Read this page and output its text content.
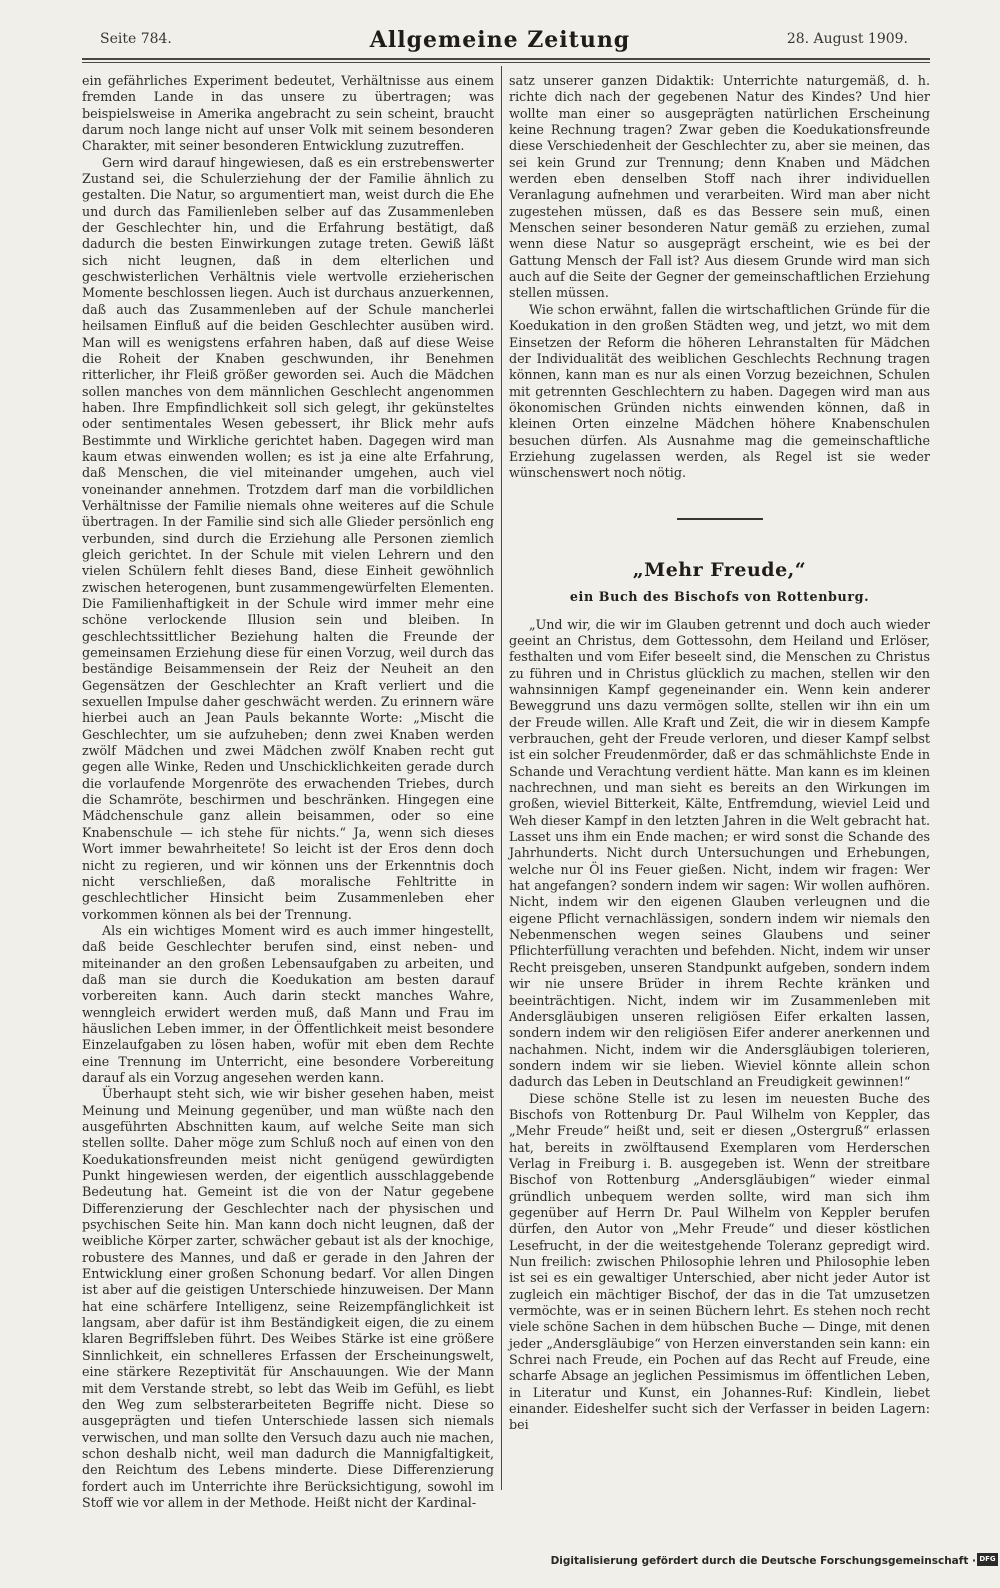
Seite 784.	Allgemeine Zeitung	28. August 1909.

ein gefährliches Experiment bedeutet, Verhältnisse aus einem fremden Lande in das unsere zu übertragen; was beispielsweise in Amerika angebracht zu sein scheint, braucht darum noch lange nicht auf unser Volk mit seinem besonderen Charakter, mit seiner besonderen Entwicklung zuzutreffen.

Gern wird darauf hingewiesen, daß es ein erstrebenswerter Zustand sei, die Schulerziehung der der Familie ähnlich zu gestalten. Die Natur, so argumentiert man, weist durch die Ehe und durch das Familienleben selber auf das Zusammenleben der Geschlechter hin, und die Erfahrung bestätigt, daß dadurch die besten Einwirkungen zutage treten. Gewiß läßt sich nicht leugnen, daß in dem elterlichen und geschwisterlichen Verhältnis viele wertvolle erzieherischen Momente beschlossen liegen. Auch ist durchaus anzuerkennen, daß auch das Zusammenleben auf der Schule mancherlei heilsamen Einfluß auf die beiden Geschlechter ausüben wird. Man will es wenigstens erfahren haben, daß auf diese Weise die Roheit der Knaben geschwunden, ihr Benehmen ritterlicher, ihr Fleiß größer geworden sei. Auch die Mädchen sollen manches von dem männlichen Geschlecht angenommen haben. Ihre Empfindlichkeit soll sich gelegt, ihr gekünsteltes oder sentimentales Wesen gebessert, ihr Blick mehr aufs Bestimmte und Wirkliche gerichtet haben. Dagegen wird man kaum etwas einwenden wollen; es ist ja eine alte Erfahrung, daß Menschen, die viel miteinander umgehen, auch viel voneinander annehmen. Trotzdem darf man die vorbildlichen Verhältnisse der Familie niemals ohne weiteres auf die Schule übertragen. In der Familie sind sich alle Glieder persönlich eng verbunden, sind durch die Erziehung alle Personen ziemlich gleich gerichtet. In der Schule mit vielen Lehrern und den vielen Schülern fehlt dieses Band, diese Einheit gewöhnlich zwischen heterogenen, bunt zusammengewürfelten Elementen. Die Familienhaftigkeit in der Schule wird immer mehr eine schöne verlockende Illusion sein und bleiben. In geschlechtssittlicher Beziehung halten die Freunde der gemeinsamen Erziehung diese für einen Vorzug, weil durch das beständige Beisammensein der Reiz der Neuheit an den Gegensätzen der Geschlechter an Kraft verliert und die sexuellen Impulse daher geschwächt werden. Zu erinnern wäre hierbei auch an Jean Pauls bekannte Worte: „Mischt die Geschlechter, um sie aufzuheben; denn zwei Knaben werden zwölf Mädchen und zwei Mädchen zwölf Knaben recht gut gegen alle Winke, Reden und Unschicklichkeiten gerade durch die vorlaufende Morgenröte des erwachenden Triebes, durch die Schamröte, beschirmen und beschränken. Hingegen eine Mädchenschule ganz allein beisammen, oder so eine Knabenschule — ich stehe für nichts.“ Ja, wenn sich dieses Wort immer bewahrheitete! So leicht ist der Eros denn doch nicht zu regieren, und wir können uns der Erkenntnis doch nicht verschließen, daß moralische Fehltritte in geschlechtlicher Hinsicht beim Zusammenleben eher vorkommen können als bei der Trennung.

Als ein wichtiges Moment wird es auch immer hingestellt, daß beide Geschlechter berufen sind, einst neben- und miteinander an den großen Lebensaufgaben zu arbeiten, und daß man sie durch die Koedukation am besten darauf vorbereiten kann. Auch darin steckt manches Wahre, wenngleich erwidert werden muß, daß Mann und Frau im häuslichen Leben immer, in der Öffentlichkeit meist besondere Einzelaufgaben zu lösen haben, wofür mit eben dem Rechte eine Trennung im Unterricht, eine besondere Vorbereitung darauf als ein Vorzug angesehen werden kann.

Überhaupt steht sich, wie wir bisher gesehen haben, meist Meinung und Meinung gegenüber, und man wüßte nach den ausgeführten Abschnitten kaum, auf welche Seite man sich stellen sollte. Daher möge zum Schluß noch auf einen von den Koedukationsfreunden meist nicht genügend gewürdigten Punkt hingewiesen werden, der eigentlich ausschlaggebende Bedeutung hat. Gemeint ist die von der Natur gegebene Differenzierung der Geschlechter nach der physischen und psychischen Seite hin. Man kann doch nicht leugnen, daß der weibliche Körper zarter, schwächer gebaut ist als der knochige, robustere des Mannes, und daß er gerade in den Jahren der Entwicklung einer großen Schonung bedarf. Vor allen Dingen ist aber auf die geistigen Unterschiede hinzuweisen. Der Mann hat eine schärfere Intelligenz, seine Reizempfänglichkeit ist langsam, aber dafür ist ihm Beständigkeit eigen, die zu einem klaren Begriffsleben führt. Des Weibes Stärke ist eine größere Sinnlichkeit, ein schnelleres Erfassen der Erscheinungswelt, eine stärkere Rezeptivität für Anschauungen. Wie der Mann mit dem Verstande strebt, so lebt das Weib im Gefühl, es liebt den Weg zum selbsterarbeiteten Begriffe nicht. Diese so ausgeprägten und tiefen Unterschiede lassen sich niemals verwischen, und man sollte den Versuch dazu auch nie machen, schon deshalb nicht, weil man dadurch die Mannigfaltigkeit, den Reichtum des Lebens minderte. Diese Differenzierung fordert auch im Unterrichte ihre Berücksichtigung, sowohl im Stoff wie vor allem in der Methode. Heißt nicht der Kardinal-

satz unserer ganzen Didaktik: Unterrichte naturgemäß, d. h. richte dich nach der gegebenen Natur des Kindes? Und hier wollte man einer so ausgeprägten natürlichen Erscheinung keine Rechnung tragen? Zwar geben die Koedukationsfreunde diese Verschiedenheit der Geschlechter zu, aber sie meinen, das sei kein Grund zur Trennung; denn Knaben und Mädchen werden eben denselben Stoff nach ihrer individuellen Veranlagung aufnehmen und verarbeiten. Wird man aber nicht zugestehen müssen, daß es das Bessere sein muß, einen Menschen seiner besonderen Natur gemäß zu erziehen, zumal wenn diese Natur so ausgeprägt erscheint, wie es bei der Gattung Mensch der Fall ist? Aus diesem Grunde wird man sich auch auf die Seite der Gegner der gemeinschaftlichen Erziehung stellen müssen.

Wie schon erwähnt, fallen die wirtschaftlichen Gründe für die Koedukation in den großen Städten weg, und jetzt, wo mit dem Einsetzen der Reform die höheren Lehranstalten für Mädchen der Individualität des weiblichen Geschlechts Rechnung tragen können, kann man es nur als einen Vorzug bezeichnen, Schulen mit getrennten Geschlechtern zu haben. Dagegen wird man aus ökonomischen Gründen nichts einwenden können, daß in kleinen Orten einzelne Mädchen höhere Knabenschulen besuchen dürfen. Als Ausnahme mag die gemeinschaftliche Erziehung zugelassen werden, als Regel ist sie weder wünschenswert noch nötig.

„Mehr Freude,“
ein Buch des Bischofs von Rottenburg.

„Und wir, die wir im Glauben getrennt und doch auch wieder geeint an Christus, dem Gottessohn, dem Heiland und Erlöser, festhalten und vom Eifer beseelt sind, die Menschen zu Christus zu führen und in Christus glücklich zu machen, stellen wir den wahnsinnigen Kampf gegeneinander ein. Wenn kein anderer Beweggrund uns dazu vermögen sollte, stellen wir ihn ein um der Freude willen. Alle Kraft und Zeit, die wir in diesem Kampfe verbrauchen, geht der Freude verloren, und dieser Kampf selbst ist ein solcher Freudenmörder, daß er das schmählichste Ende in Schande und Verachtung verdient hätte. Man kann es im kleinen nachrechnen, und man sieht es bereits an den Wirkungen im großen, wieviel Bitterkeit, Kälte, Entfremdung, wieviel Leid und Weh dieser Kampf in den letzten Jahren in die Welt gebracht hat. Lasset uns ihm ein Ende machen; er wird sonst die Schande des Jahrhunderts. Nicht durch Untersuchungen und Erhebungen, welche nur Öl ins Feuer gießen. Nicht, indem wir fragen: Wer hat angefangen? sondern indem wir sagen: Wir wollen aufhören. Nicht, indem wir den eigenen Glauben verleugnen und die eigene Pflicht vernachlässigen, sondern indem wir niemals den Nebenmenschen wegen seines Glaubens und seiner Pflichterfüllung verachten und befehden. Nicht, indem wir unser Recht preisgeben, unseren Standpunkt aufgeben, sondern indem wir nie unsere Brüder in ihrem Rechte kränken und beeinträchtigen. Nicht, indem wir im Zusammenleben mit Andersgläubigen unseren religiösen Eifer erkalten lassen, sondern indem wir den religiösen Eifer anderer anerkennen und nachahmen. Nicht, indem wir die Andersgläubigen tolerieren, sondern indem wir sie lieben. Wieviel könnte allein schon dadurch das Leben in Deutschland an Freudigkeit gewinnen!“

Diese schöne Stelle ist zu lesen im neuesten Buche des Bischofs von Rottenburg Dr. Paul Wilhelm von Keppler, das „Mehr Freude“ heißt und, seit er diesen „Ostergruß“ erlassen hat, bereits in zwölftausend Exemplaren vom Herderschen Verlag in Freiburg i. B. ausgegeben ist. Wenn der streitbare Bischof von Rottenburg „Andersgläubigen“ wieder einmal gründlich unbequem werden sollte, wird man sich ihm gegenüber auf Herrn Dr. Paul Wilhelm von Keppler berufen dürfen, den Autor von „Mehr Freude“ und dieser köstlichen Lesefrucht, in der die weitestgehende Toleranz gepredigt wird. Nun freilich: zwischen Philosophie lehren und Philosophie leben ist sei es ein gewaltiger Unterschied, aber nicht jeder Autor ist zugleich ein mächtiger Bischof, der das in die Tat umzusetzen vermöchte, was er in seinen Büchern lehrt. Es stehen noch recht viele schöne Sachen in dem hübschen Buche — Dinge, mit denen jeder „Andersgläubige“ von Herzen einverstanden sein kann: ein Schrei nach Freude, ein Pochen auf das Recht auf Freude, eine scharfe Absage an jeglichen Pessimismus im öffentlichen Leben, in Literatur und Kunst, ein Johannes-Ruf: Kindlein, liebet einander. Eideshelfer sucht sich der Verfasser in beiden Lagern: bei

Digitalisierung gefördert durch die Deutsche Forschungsgemeinschaft · DFG
